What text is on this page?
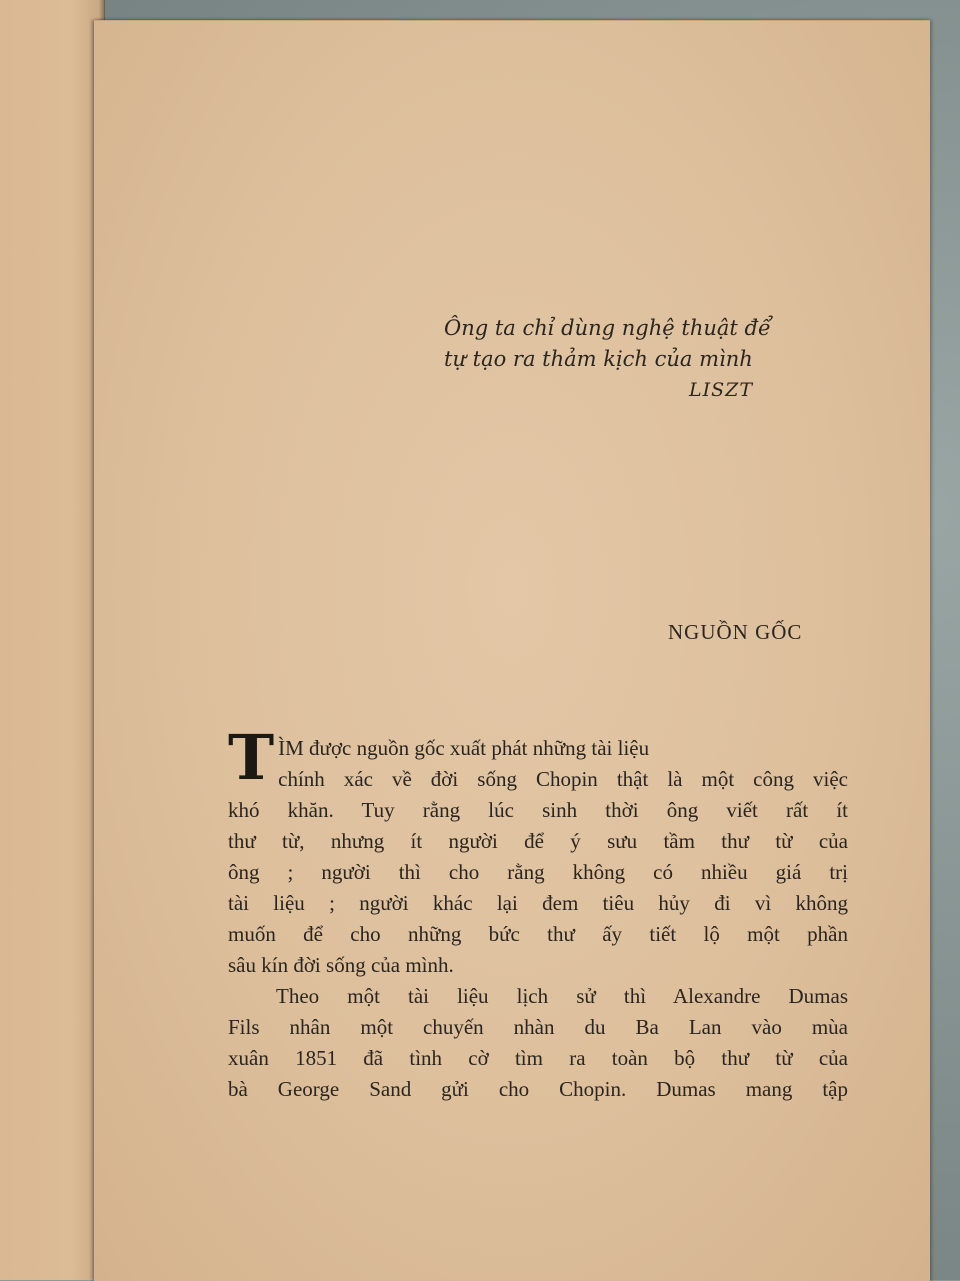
Ông ta chỉ dùng nghệ thuật để
tự tạo ra thảm kịch của mình
LISZT
NGUỒN GỐC
T ÌM được nguồn gốc xuất phát những tài liệu
chính xác về đời sống Chopin thật là một công việc
khó khăn. Tuy rằng lúc sinh thời ông viết rất ít
thư từ, nhưng ít người để ý sưu tầm thư từ của
ông ; người thì cho rằng không có nhiều giá trị
tài liệu ; người khác lại đem tiêu hủy đi vì không
muốn để cho những bức thư ấy tiết lộ một phần
sâu kín đời sống của mình.
Theo một tài liệu lịch sử thì Alexandre Dumas
Fils nhân một chuyến nhàn du Ba Lan vào mùa
xuân 1851 đã tình cờ tìm ra toàn bộ thư từ của
bà George Sand gửi cho Chopin. Dumas mang tập
